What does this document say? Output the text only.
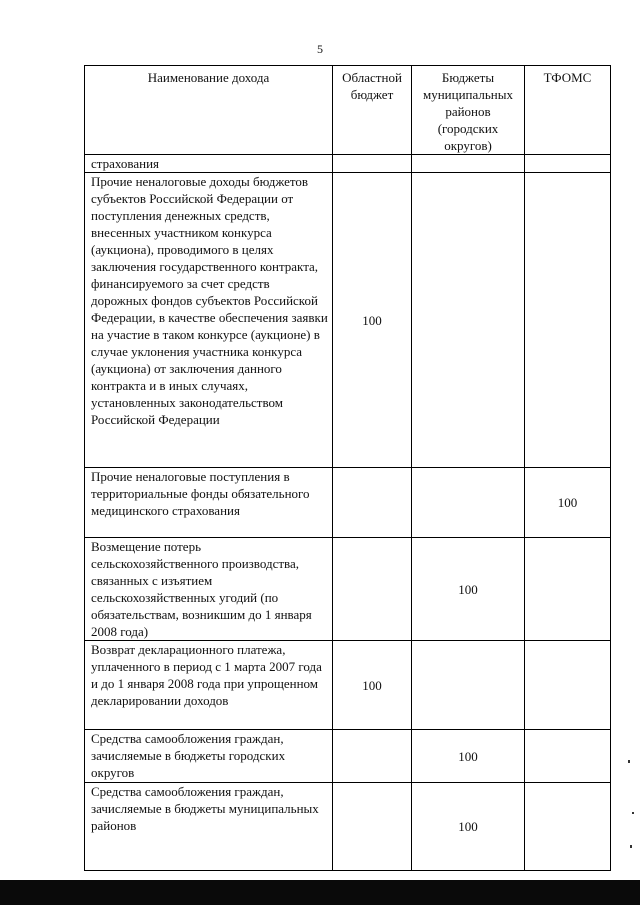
5
Наименование дохода	Областной бюджет	Бюджеты муниципальных районов (городских округов)	ТФОМС
страхования			
Прочие неналоговые доходы бюджетов субъектов Российской Федерации от поступления денежных средств, внесенных участником конкурса (аукциона), проводимого в целях заключения государственного контракта, финансируемого за счет средств дорожных фондов субъектов Российской Федерации, в качестве обеспечения заявки на участие в таком конкурсе (аукционе) в случае уклонения участника конкурса (аукциона) от заключения данного контракта и в иных случаях, установленных законодательством Российской Федерации	100		
Прочие неналоговые поступления в территориальные фонды обязательного медицинского страхования			100
Возмещение потерь сельскохозяйственного производства, связанных с изъятием сельскохозяйственных угодий (по обязательствам, возникшим до 1 января 2008 года)		100	
Возврат декларационного платежа, уплаченного в период с 1 марта 2007 года и до 1 января 2008 года при упрощенном декларировании доходов	100		
Средства самообложения граждан, зачисляемые в бюджеты городских округов		100	
Средства самообложения граждан, зачисляемые в бюджеты муниципальных районов		100	
